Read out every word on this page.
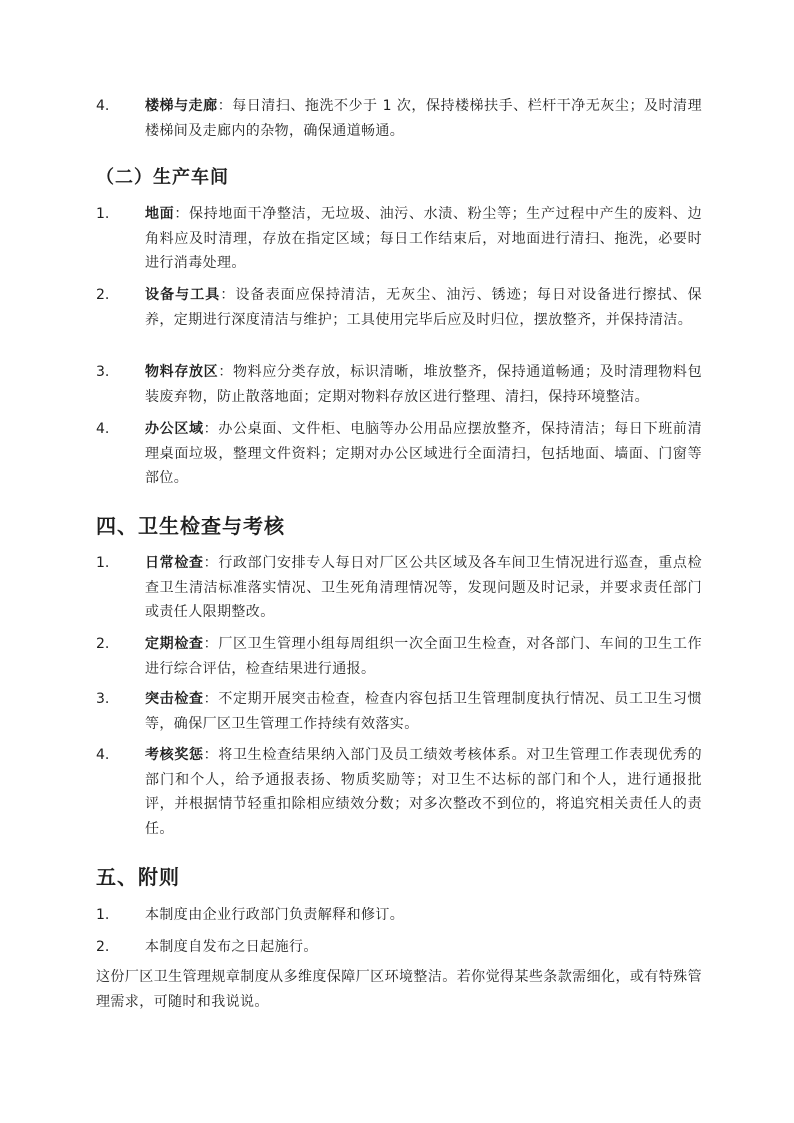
4.	楼梯与走廊：每日清扫、拖洗不少于 1 次，保持楼梯扶手、栏杆干净无灰尘；及时清理楼梯间及走廊内的杂物，确保通道畅通。
（二）生产车间
1.	地面：保持地面干净整洁，无垃圾、油污、水渍、粉尘等；生产过程中产生的废料、边角料应及时清理，存放在指定区域；每日工作结束后，对地面进行清扫、拖洗，必要时进行消毒处理。
2.	设备与工具：设备表面应保持清洁，无灰尘、油污、锈迹；每日对设备进行擦拭、保养，定期进行深度清洁与维护；工具使用完毕后应及时归位，摆放整齐，并保持清洁。
3.	物料存放区：物料应分类存放，标识清晰，堆放整齐，保持通道畅通；及时清理物料包装废弃物，防止散落地面；定期对物料存放区进行整理、清扫，保持环境整洁。
4.	办公区域：办公桌面、文件柜、电脑等办公用品应摆放整齐，保持清洁；每日下班前清理桌面垃圾，整理文件资料；定期对办公区域进行全面清扫，包括地面、墙面、门窗等部位。
四、卫生检查与考核
1.	日常检查：行政部门安排专人每日对厂区公共区域及各车间卫生情况进行巡查，重点检查卫生清洁标准落实情况、卫生死角清理情况等，发现问题及时记录，并要求责任部门或责任人限期整改。
2.	定期检查：厂区卫生管理小组每周组织一次全面卫生检查，对各部门、车间的卫生工作进行综合评估，检查结果进行通报。
3.	突击检查：不定期开展突击检查，检查内容包括卫生管理制度执行情况、员工卫生习惯等，确保厂区卫生管理工作持续有效落实。
4.	考核奖惩：将卫生检查结果纳入部门及员工绩效考核体系。对卫生管理工作表现优秀的部门和个人，给予通报表扬、物质奖励等；对卫生不达标的部门和个人，进行通报批评，并根据情节轻重扣除相应绩效分数；对多次整改不到位的，将追究相关责任人的责任。
五、附则
1.	本制度由企业行政部门负责解释和修订。
2.	本制度自发布之日起施行。
这份厂区卫生管理规章制度从多维度保障厂区环境整洁。若你觉得某些条款需细化，或有特殊管理需求，可随时和我说说。
